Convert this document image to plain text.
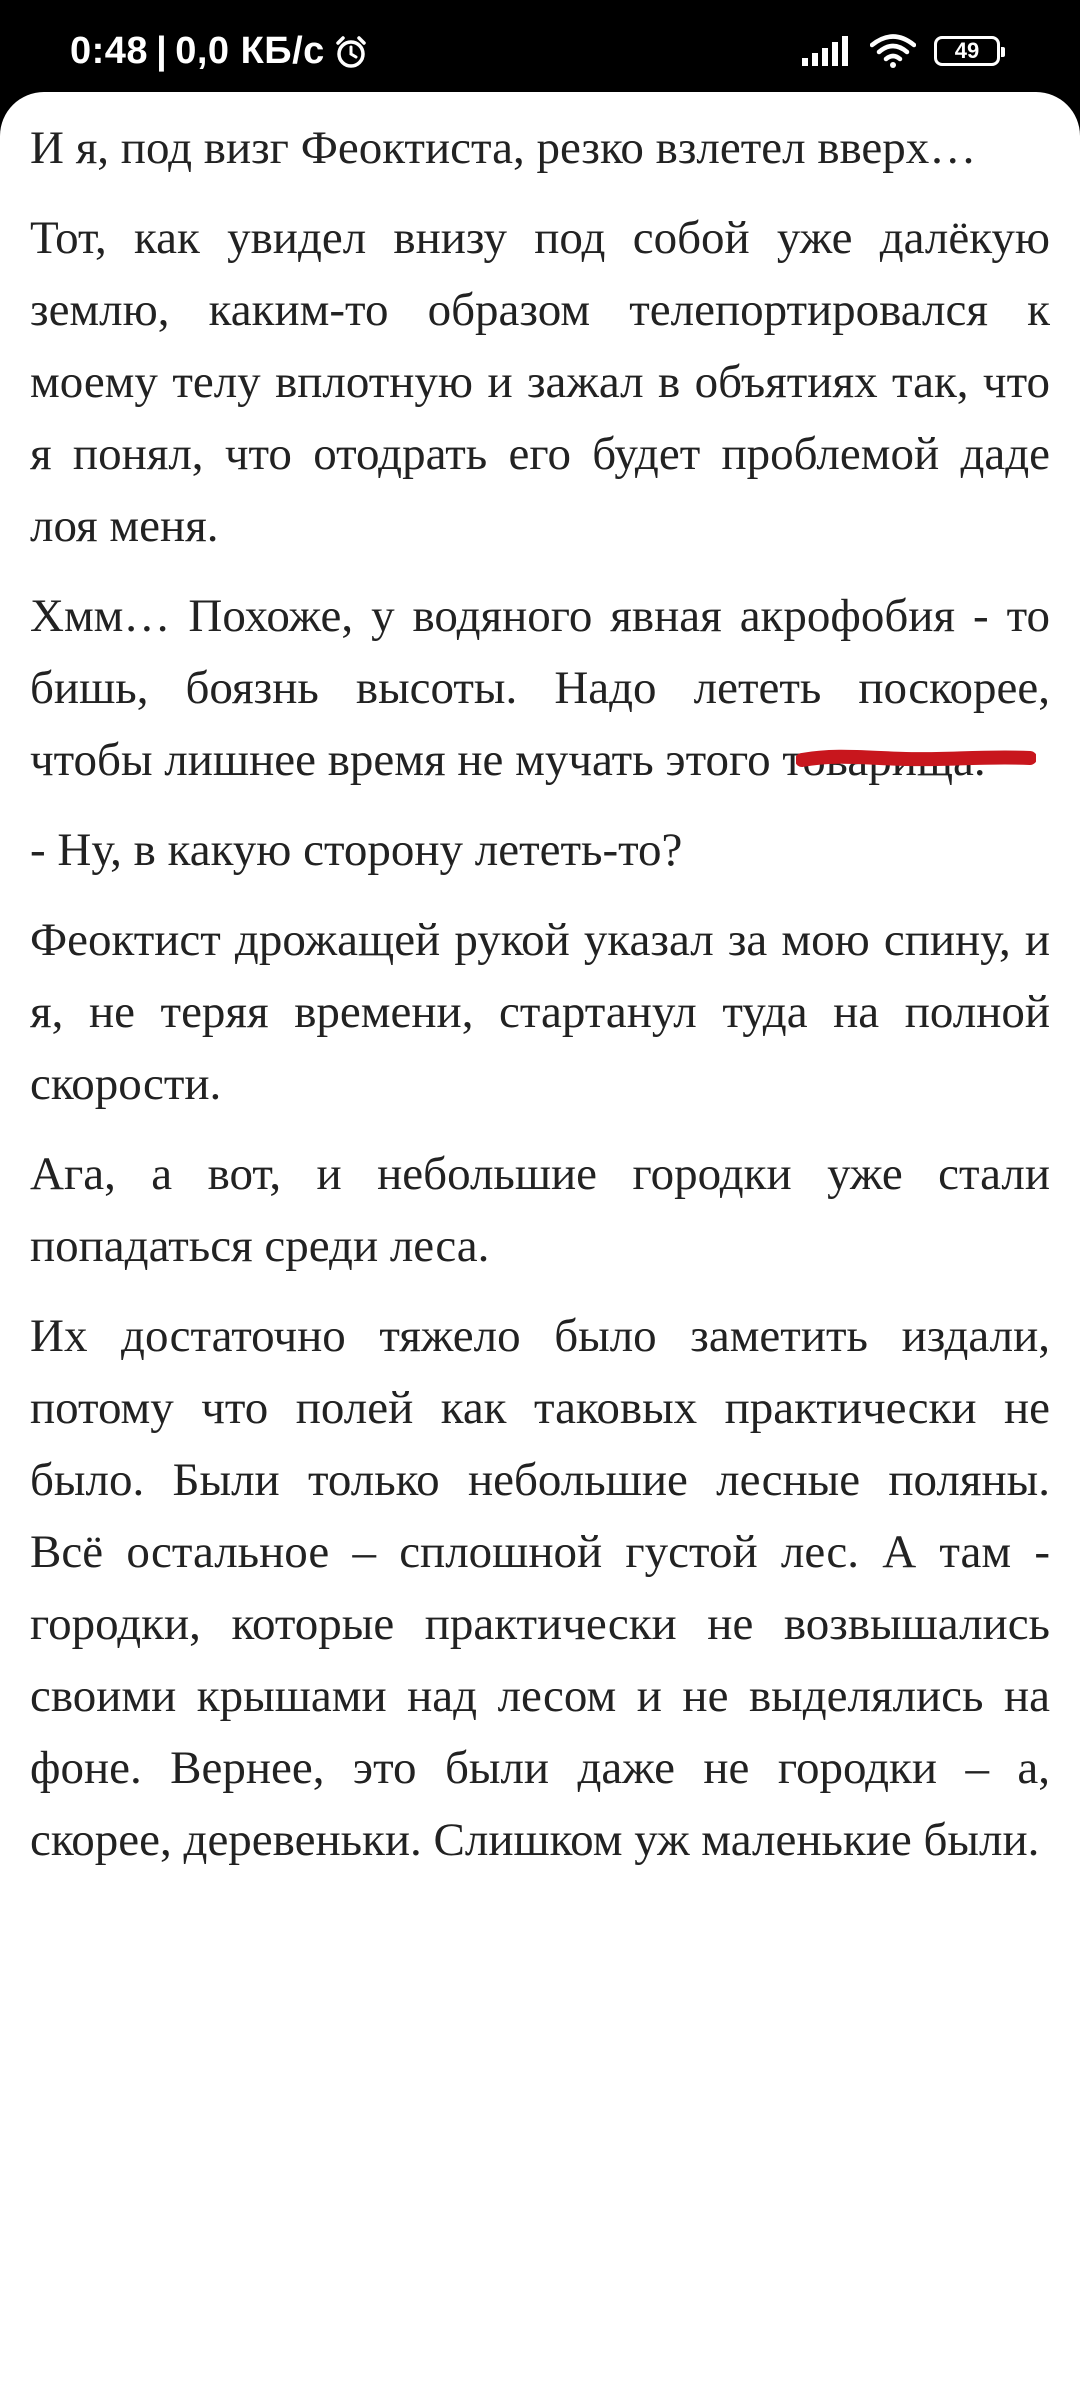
0:48 | 0,0 КБ/с	49

И я, под визг Феоктиста, резко взлетел вверх…

Тот, как увидел внизу под собой уже далёкую землю, каким-то образом телепортировался к моему телу вплотную и зажал в объятиях так, что я понял, что отодрать его будет проблемой даде лоя меня.

Хмм… Похоже, у водяного явная акрофобия - то бишь, боязнь высоты. Надо лететь поскорее, чтобы лишнее время не мучать этого товарища.

- Ну, в какую сторону лететь-то?

Феоктист дрожащей рукой указал за мою спину, и я, не теряя времени, стартанул туда на полной скорости.

Ага, а вот, и небольшие городки уже стали попадаться среди леса.

Их достаточно тяжело было заметить издали, потому что полей как таковых практически не было. Были только небольшие лесные поляны. Всё остальное – сплошной густой лес. А там - городки, которые практически не возвышались своими крышами над лесом и не выделялись на фоне. Вернее, это были даже не городки – а, скорее, деревеньки. Слишком уж маленькие были.
